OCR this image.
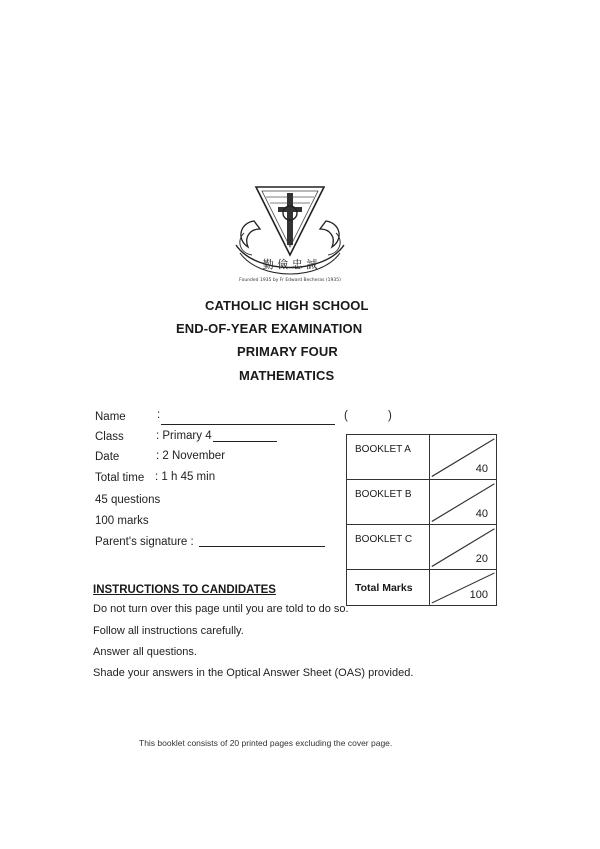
勤 儉 忠 誠
Founded 1935 by Fr Edward Becheras (1935)
CATHOLIC HIGH SCHOOL
END-OF-YEAR EXAMINATION
PRIMARY FOUR
MATHEMATICS
Name	:	(	)
Class	: Primary 4
Date	: 2 November
Total time : 1 h 45 min
45 questions
100 marks
Parent's signature :
BOOKLET A	40

BOOKLET B	40

BOOKLET C	20

Total Marks	100
INSTRUCTIONS TO CANDIDATES
Do not turn over this page until you are told to do so.
Follow all instructions carefully.
Answer all questions.
Shade your answers in the Optical Answer Sheet (OAS) provided.
This booklet consists of 20 printed pages excluding the cover page.
